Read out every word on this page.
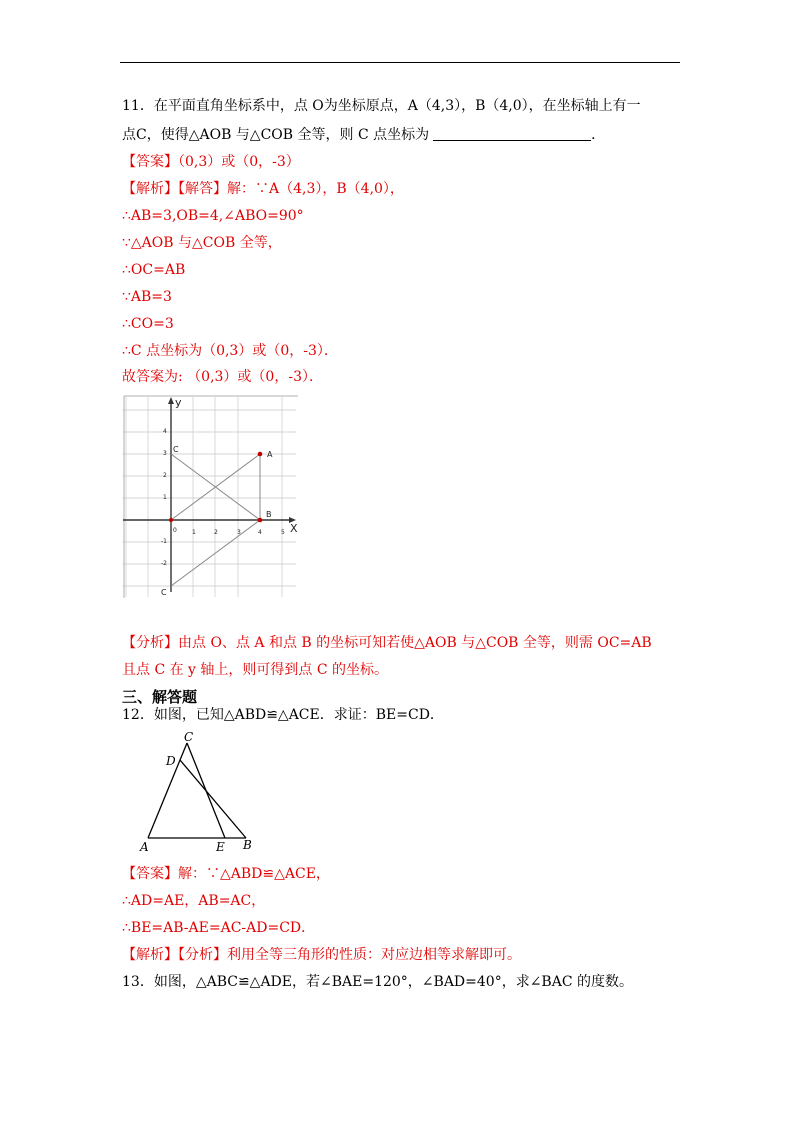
11．在平面直角坐标系中，点 O为坐标原点，A（4,3），B（4,0），在坐标轴上有一
点C，使得△AOB 与△COB 全等，则 C 点坐标为	．
【答案】（0,3）或（0，-3）
【解析】【解答】解：∵A（4,3），B（4,0），
∴AB=3,OB=4,∠ABO=90°
∵△AOB 与△COB 全等，
∴OC=AB
∵AB=3
∴CO=3
∴C 点坐标为（0,3）或（0，-3）．
故答案为: （0,3）或（0，-3）．
y
X
1	2	3	4	5
4
3
2
1
-1
-2
0
A
B
C
C
【分析】由点 O、点 A 和点 B 的坐标可知若使△AOB 与△COB 全等，则需 OC=AB
且点 C 在 y 轴上，则可得到点 C 的坐标。
三、解答题
12．如图，已知△ABD≌△ACE．求证：BE=CD．
C
D
A	E B
【答案】解：∵△ABD≌△ACE，
∴AD=AE，AB=AC，
∴BE=AB-AE=AC-AD=CD．
【解析】【分析】利用全等三角形的性质：对应边相等求解即可。
13．如图，△ABC≌△ADE，若∠BAE=120°，∠BAD=40°，求∠BAC 的度数。
